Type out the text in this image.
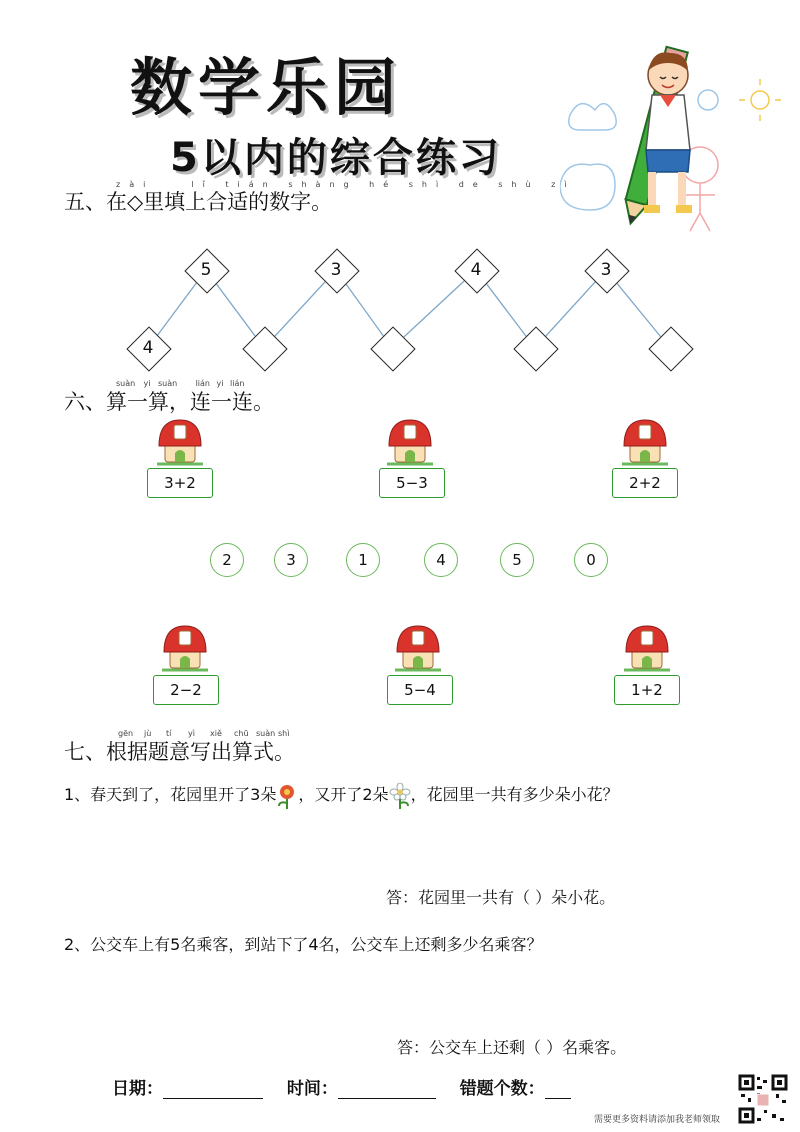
数学乐园
5以内的综合练习
五、在◇里填上合适的数字。
zài	lǐ tián shàng hé shì de shù zì
5	3	4	3
4
六、算一算，连一连。
suàn yi suàn lián yi lián
3+2	5−3	2+2
2	3	1	4	5	0
2−2	5−4	1+2
七、根据题意写出算式。
gēn jù tí yì xiě chū suàn shì
1、春天到了，花园里开了3朵 ，又开了2朵 ，花园里一共有多少朵小花？
答：花园里一共有（ ）朵小花。
2、公交车上有5名乘客，到站下了4名，公交车上还剩多少名乘客？
答：公交车上还剩（ ）名乘客。
日期：	时间：	错题个数：
需要更多资料请添加我老师领取
